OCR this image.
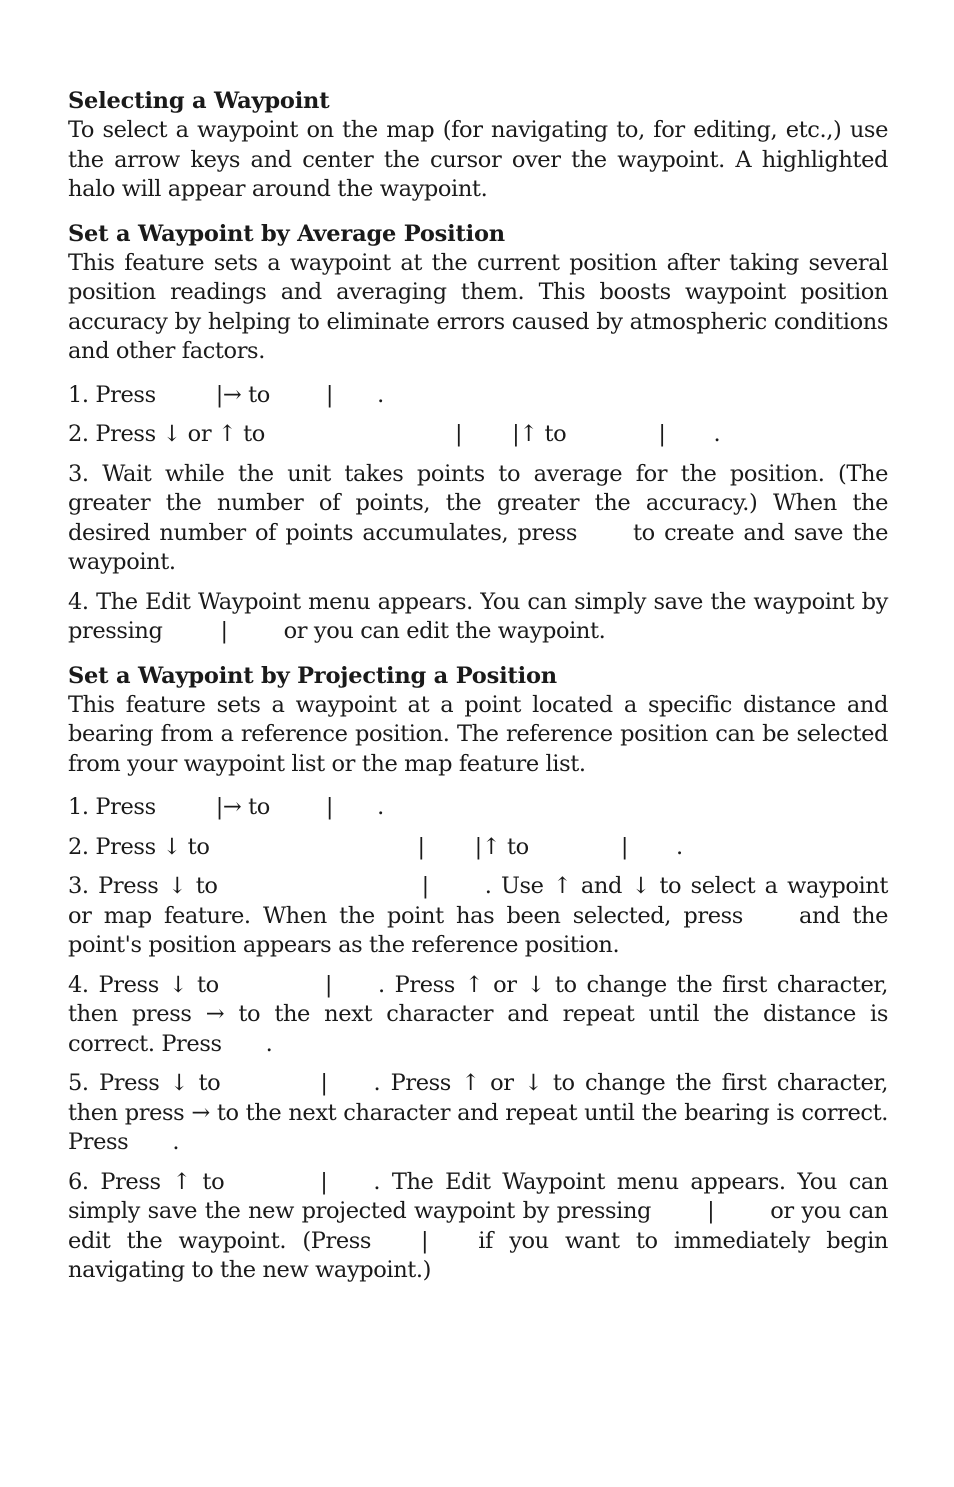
Selecting a Waypoint
To select a waypoint on the map (for navigating to, for editing, etc.,) use the arrow keys and center the cursor over the waypoint. A highlighted halo will appear around the waypoint.
Set a Waypoint by Average Position
This feature sets a waypoint at the current position after taking several position readings and averaging them. This boosts waypoint position accuracy by helping to eliminate errors caused by atmospheric conditions and other factors.
1. Press	|→ to | .
2. Press ↓ or ↑ to	| |↑ to	| .
3. Wait while the unit takes points to average for the position. (The greater the number of points, the greater the accuracy.) When the desired number of points accumulates, press to create and save the waypoint.
4. The Edit Waypoint menu appears. You can simply save the waypoint by pressing	| or you can edit the waypoint.
Set a Waypoint by Projecting a Position
This feature sets a waypoint at a point located a specific distance and bearing from a reference position. The reference position can be selected from your waypoint list or the map feature list.
1. Press	|→ to | .
2. Press ↓ to	| |↑ to	| .
3. Press ↓ to	| . Use ↑ and ↓ to select a waypoint or map feature. When the point has been selected, press and the point's position appears as the reference position.
4. Press ↓ to	| . Press ↑ or ↓ to change the first character, then press → to the next character and repeat until the distance is correct. Press .
5. Press ↓ to	| . Press ↑ or ↓ to change the first character, then press → to the next character and repeat until the bearing is correct. Press .
6. Press ↑ to	| . The Edit Waypoint menu appears. You can simply save the new projected waypoint by pressing | or you can edit the waypoint. (Press | if you want to immediately begin navigating to the new waypoint.)
